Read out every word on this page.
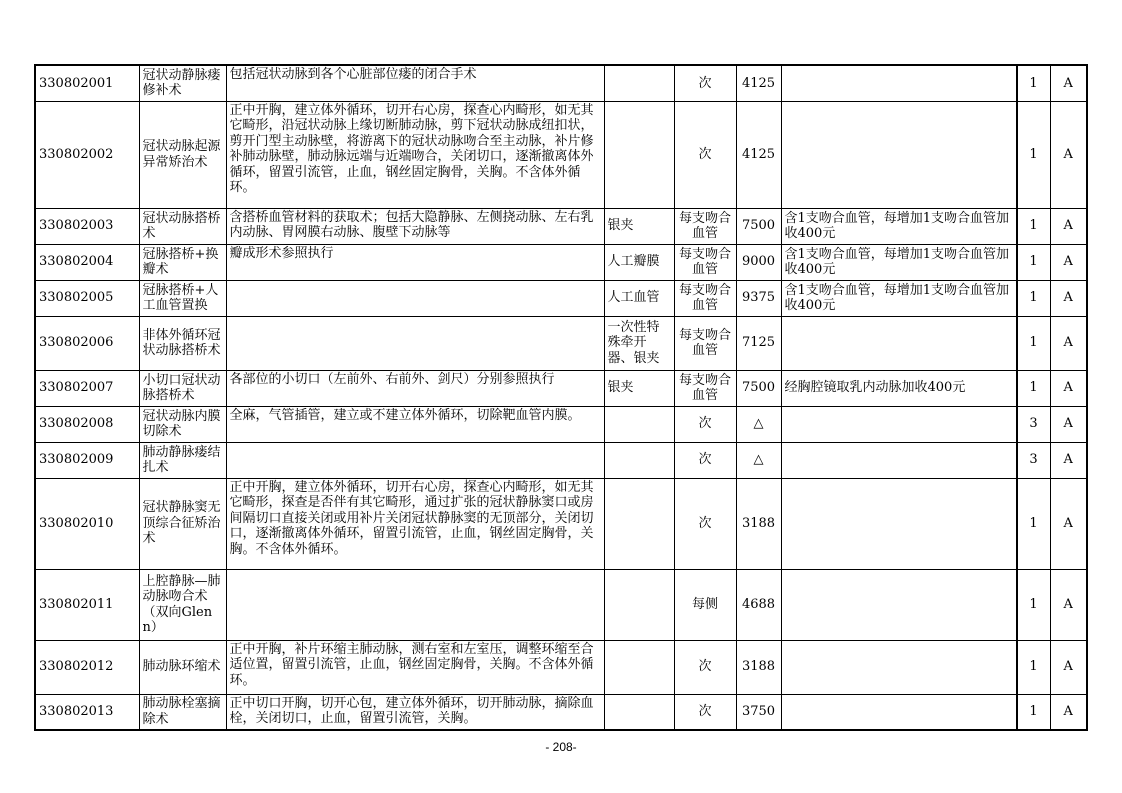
330802001	冠状动静脉瘘修补术	包括冠状动脉到各个心脏部位瘘的闭合手术		次	4125			1	A
330802002	冠状动脉起源异常矫治术	正中开胸，建立体外循环，切开右心房，探查心内畸形，如无其它畸形，沿冠状动脉上缘切断肺动脉，剪下冠状动脉成纽扣状，剪开门型主动脉壁，将游离下的冠状动脉吻合至主动脉，补片修补肺动脉壁，肺动脉远端与近端吻合，关闭切口，逐渐撤离体外循环，留置引流管，止血，钢丝固定胸骨，关胸。不含体外循环。		次	4125			1	A
330802003	冠状动脉搭桥术	含搭桥血管材料的获取术；包括大隐静脉、左侧挠动脉、左右乳内动脉、胃网膜右动脉、腹壁下动脉等	银夹	每支吻合血管	7500	含1支吻合血管，每增加1支吻合血管加收400元		1	A
330802004	冠脉搭桥+换瓣术	瓣成形术参照执行	人工瓣膜	每支吻合血管	9000	含1支吻合血管，每增加1支吻合血管加收400元		1	A
330802005	冠脉搭桥+人工血管置换		人工血管	每支吻合血管	9375	含1支吻合血管，每增加1支吻合血管加收400元		1	A
330802006	非体外循环冠状动脉搭桥术		一次性特殊牵开器、银夹	每支吻合血管	7125			1	A
330802007	小切口冠状动脉搭桥术	各部位的小切口（左前外、右前外、剑尺）分别参照执行	银夹	每支吻合血管	7500	经胸腔镜取乳内动脉加收400元		1	A
330802008	冠状动脉内膜切除术	全麻，气管插管，建立或不建立体外循环，切除靶血管内膜。		次	△			3	A
330802009	肺动静脉瘘结扎术			次	△			3	A
330802010	冠状静脉窦无顶综合征矫治术	正中开胸，建立体外循环，切开右心房，探查心内畸形，如无其它畸形，探查是否伴有其它畸形，通过扩张的冠状静脉窦口或房间隔切口直接关闭或用补片关闭冠状静脉窦的无顶部分，关闭切口，逐渐撤离体外循环，留置引流管，止血，钢丝固定胸骨，关胸。不含体外循环。		次	3188			1	A
330802011	上腔静脉—肺动脉吻合术（双向Glenn）			每侧	4688			1	A
330802012	肺动脉环缩术	正中开胸，补片环缩主肺动脉，测右室和左室压，调整环缩至合适位置，留置引流管，止血，钢丝固定胸骨，关胸。不含体外循环。		次	3188			1	A
330802013	肺动脉栓塞摘除术	正中切口开胸，切开心包，建立体外循环，切开肺动脉，摘除血栓，关闭切口，止血，留置引流管，关胸。		次	3750			1	A
- 208-
